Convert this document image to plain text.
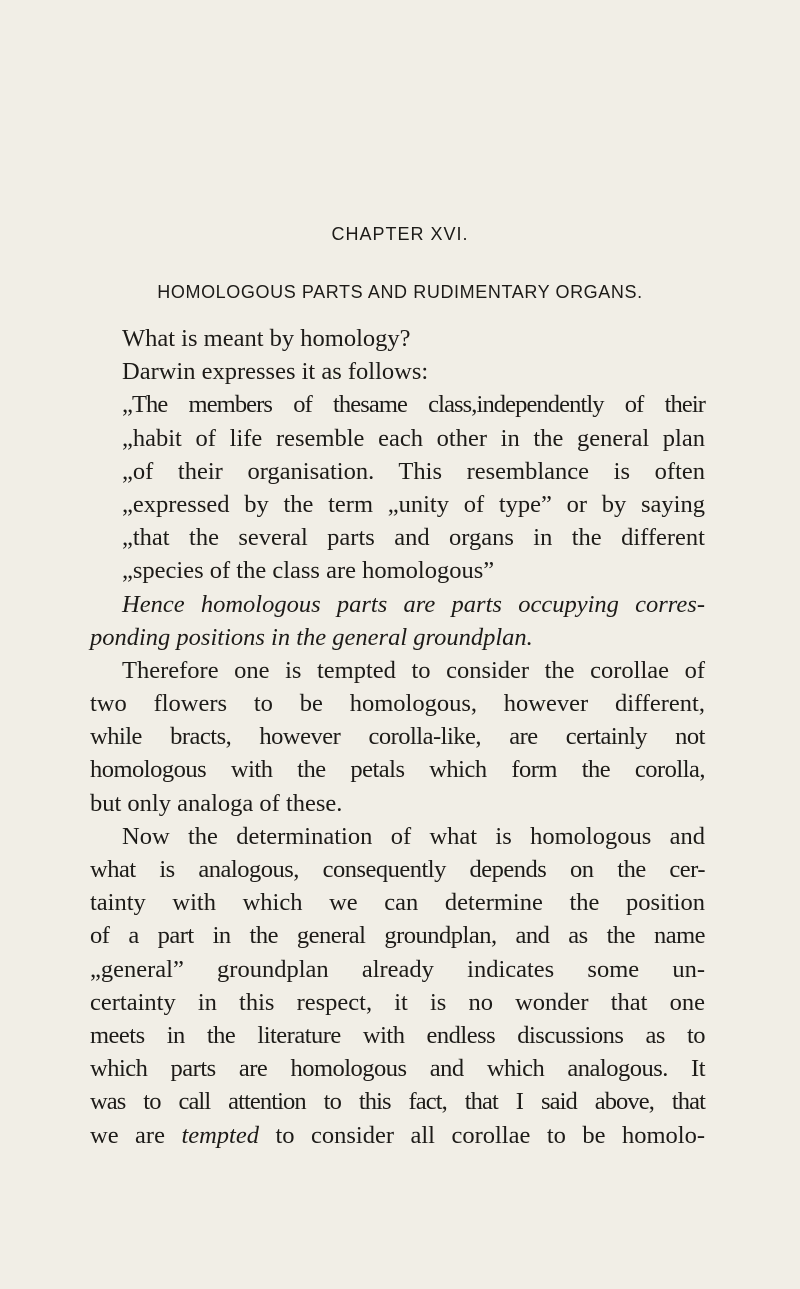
CHAPTER XVI.
HOMOLOGOUS PARTS AND RUDIMENTARY ORGANS.
What is meant by homology?
Darwin expresses it as follows:
„The members of thesame class,independently of their
„habit of life resemble each other in the general plan
„of their organisation. This resemblance is often
„expressed by the term „unity of type” or by saying
„that the several parts and organs in the different
„species of the class are homologous”
Hence homologous parts are parts occupying corres-
ponding positions in the general groundplan.
Therefore one is tempted to consider the corollae of
two flowers to be homologous, however different,
while bracts, however corolla-like, are certainly not
homologous with the petals which form the corolla,
but only analoga of these.
Now the determination of what is homologous and
what is analogous, consequently depends on the cer-
tainty with which we can determine the position
of a part in the general groundplan, and as the name
„general” groundplan already indicates some un-
certainty in this respect, it is no wonder that one
meets in the literature with endless discussions as to
which parts are homologous and which analogous. It
was to call attention to this fact, that I said above, that
we are tempted to consider all corollae to be homolo-
